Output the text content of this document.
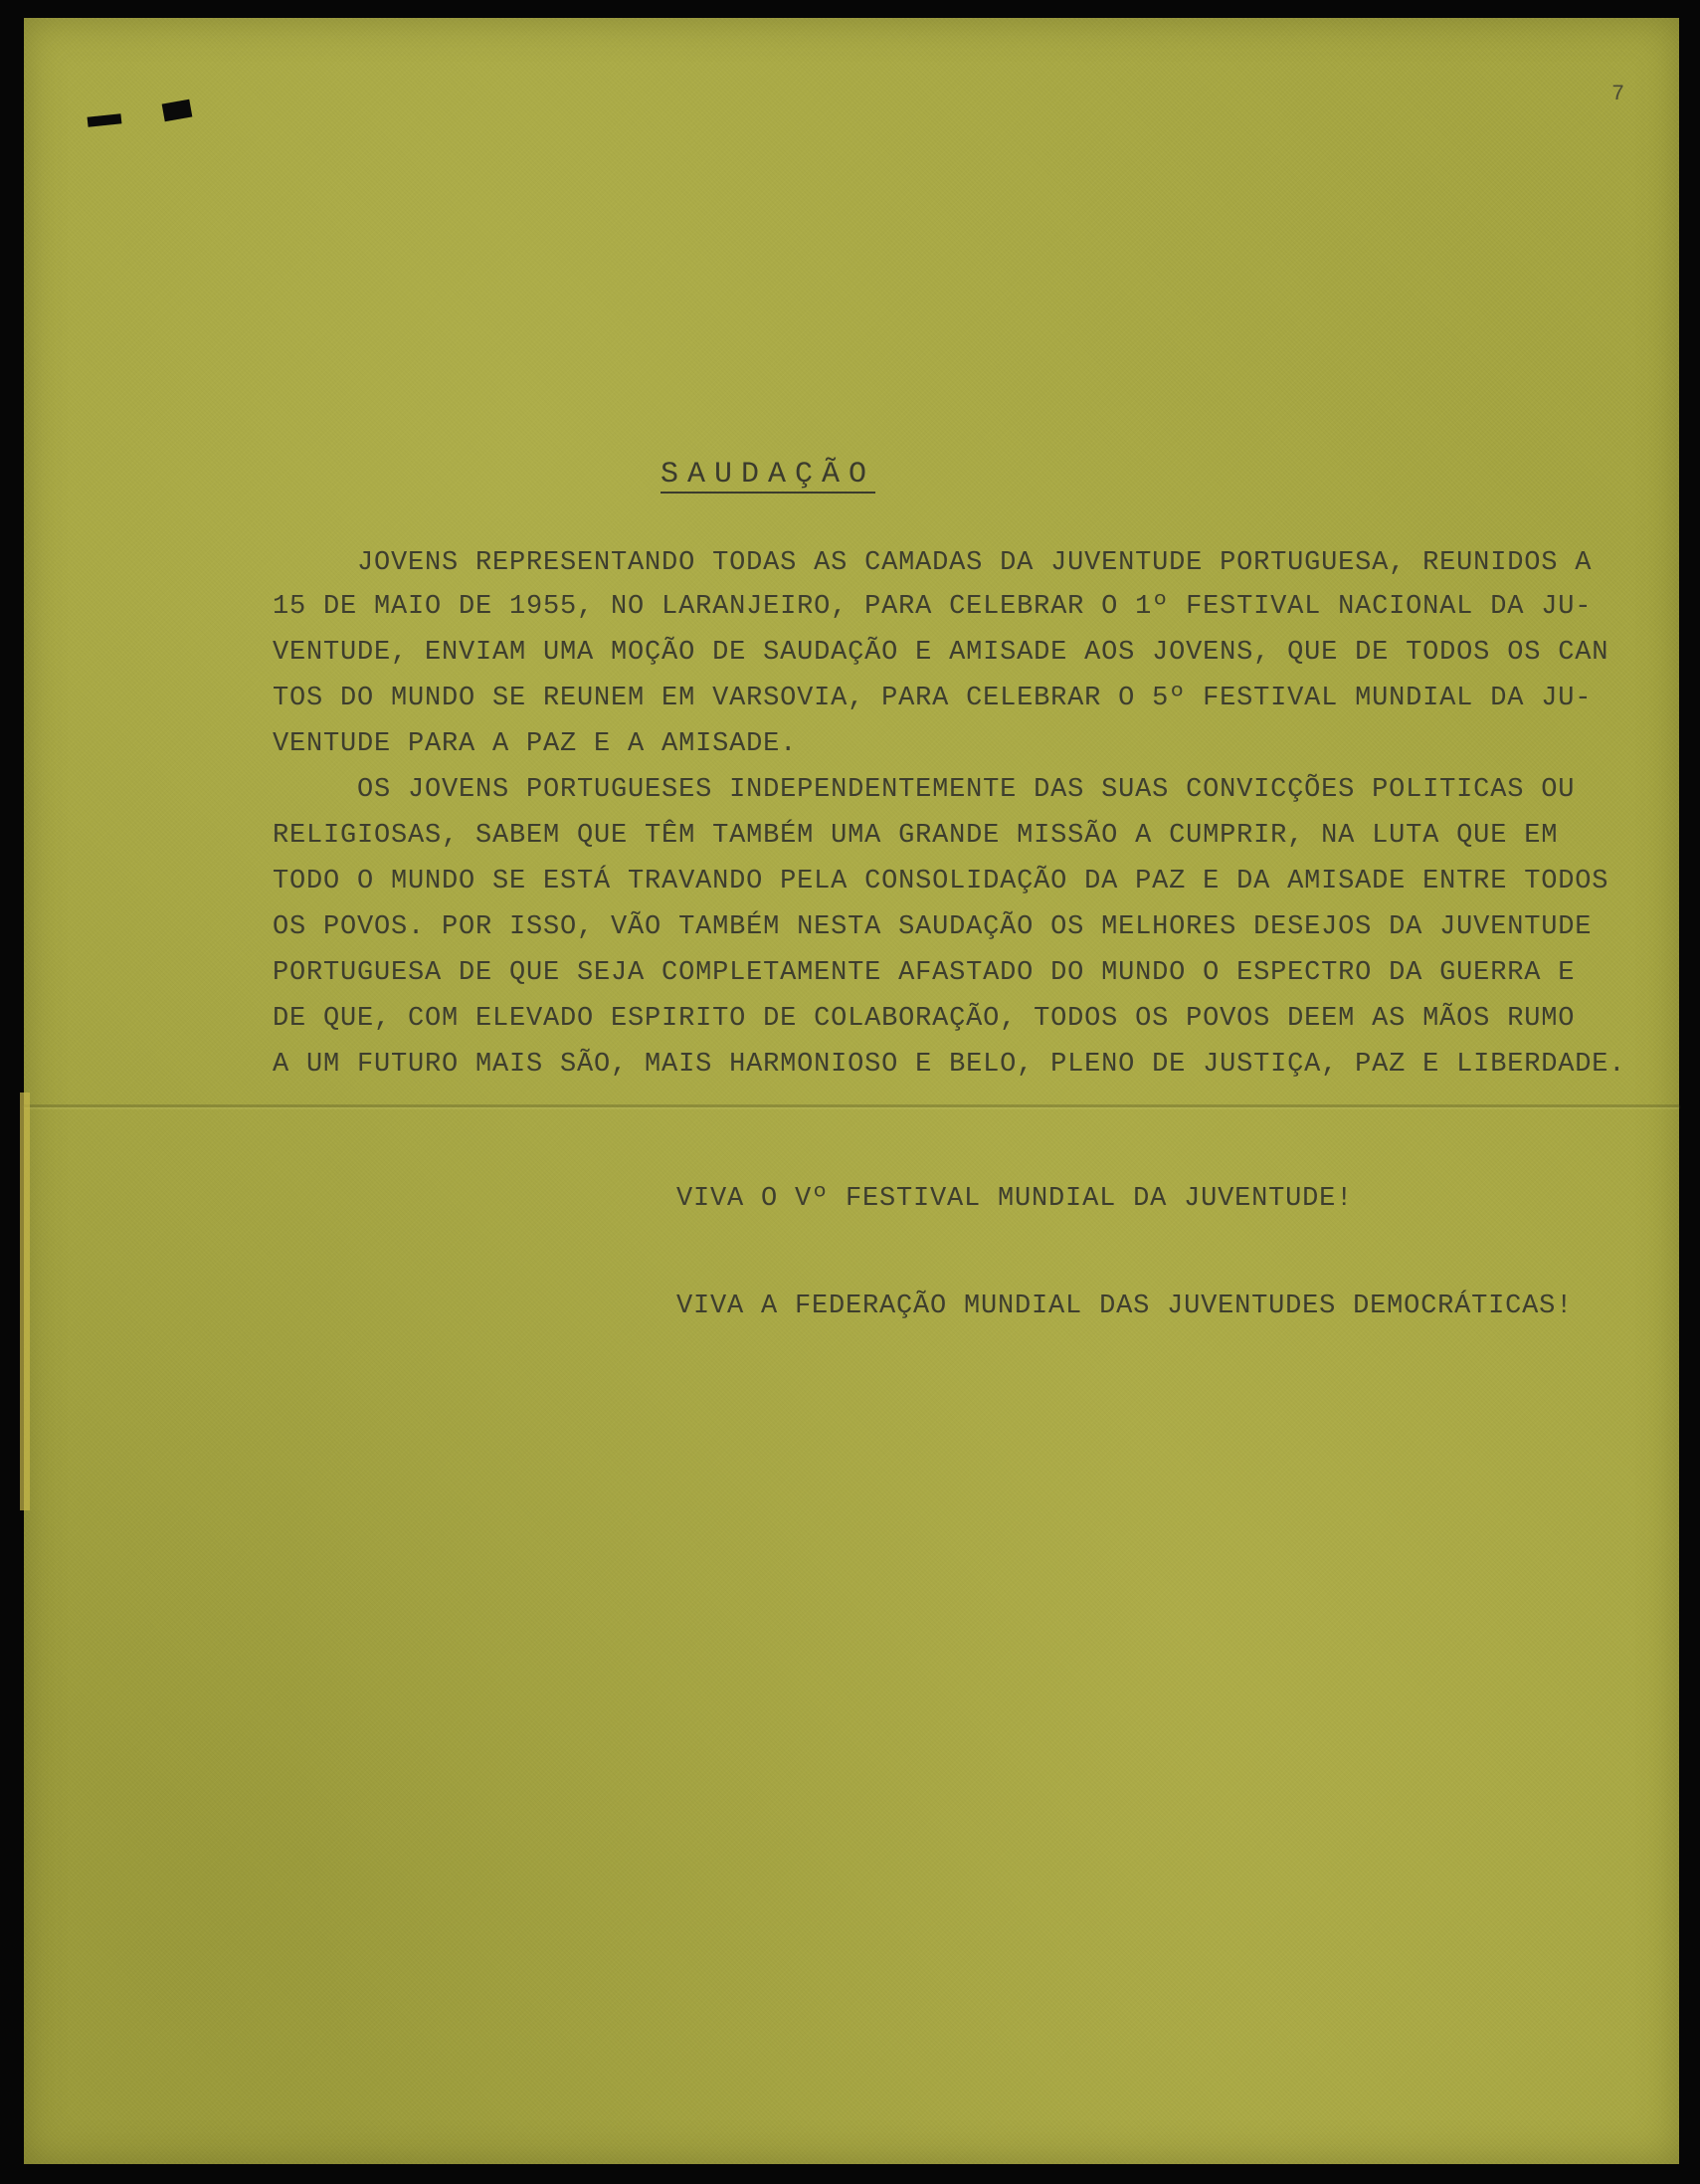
7
SAUDAÇÃO
JOVENS REPRESENTANDO TODAS AS CAMADAS DA JUVENTUDE PORTUGUESA, REUNIDOS A
15 DE MAIO DE 1955, NO LARANJEIRO, PARA CELEBRAR O 1º FESTIVAL NACIONAL DA JU-
VENTUDE, ENVIAM UMA MOÇÃO DE SAUDAÇÃO E AMISADE AOS JOVENS, QUE DE TODOS OS CAN
TOS DO MUNDO SE REUNEM EM VARSOVIA, PARA CELEBRAR O 5º FESTIVAL MUNDIAL DA JU-
VENTUDE PARA A PAZ E A AMISADE.
OS JOVENS PORTUGUESES INDEPENDENTEMENTE DAS SUAS CONVICÇÕES POLITICAS OU
RELIGIOSAS, SABEM QUE TÊM TAMBÉM UMA GRANDE MISSÃO A CUMPRIR, NA LUTA QUE EM
TODO O MUNDO SE ESTÁ TRAVANDO PELA CONSOLIDAÇÃO DA PAZ E DA AMISADE ENTRE TODOS
OS POVOS. POR ISSO, VÃO TAMBÉM NESTA SAUDAÇÃO OS MELHORES DESEJOS DA JUVENTUDE
PORTUGUESA DE QUE SEJA COMPLETAMENTE AFASTADO DO MUNDO O ESPECTRO DA GUERRA E
DE QUE, COM ELEVADO ESPIRITO DE COLABORAÇÃO, TODOS OS POVOS DEEM AS MÃOS RUMO
A UM FUTURO MAIS SÃO, MAIS HARMONIOSO E BELO, PLENO DE JUSTIÇA, PAZ E LIBERDADE.
VIVA O Vº FESTIVAL MUNDIAL DA JUVENTUDE!
VIVA A FEDERAÇÃO MUNDIAL DAS JUVENTUDES DEMOCRÁTICAS!
